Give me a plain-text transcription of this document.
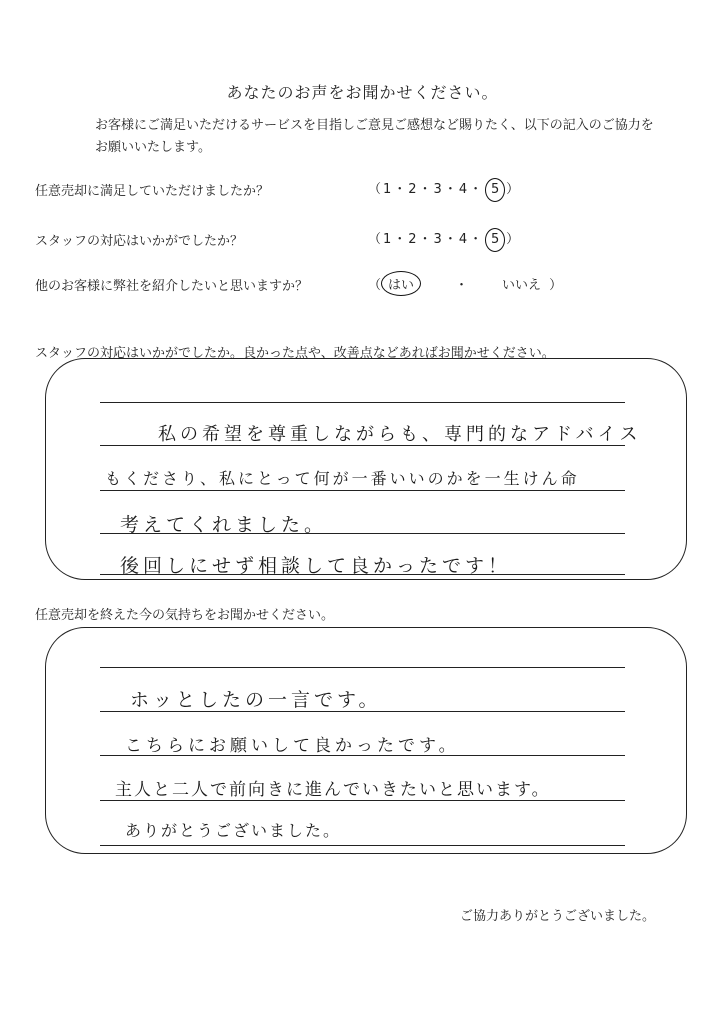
あなたのお声をお聞かせください。
お客様にご満足いただけるサービスを目指しご意見ご感想など賜りたく、以下の記入のご協力をお願いいたします。
任意売却に満足していただけましたか？	（1・2・3・4・ 5 ）
スタッフの対応はいかがでしたか？	（1・2・3・4・ 5 ）
他のお客様に弊社を紹介したいと思いますか？	（ はい	・	いいえ ）
スタッフの対応はいかがでしたか。良かった点や、改善点などあればお聞かせください。
私の希望を尊重しながらも、専門的なアドバイス
もくださり、私にとって何が一番いいのかを一生けん命
考えてくれました。
後回しにせず相談して良かったです！
任意売却を終えた今の気持ちをお聞かせください。
ホッとしたの一言です。
こちらにお願いして良かったです。
主人と二人で前向きに進んでいきたいと思います。
ありがとうございました。
ご協力ありがとうございました。
